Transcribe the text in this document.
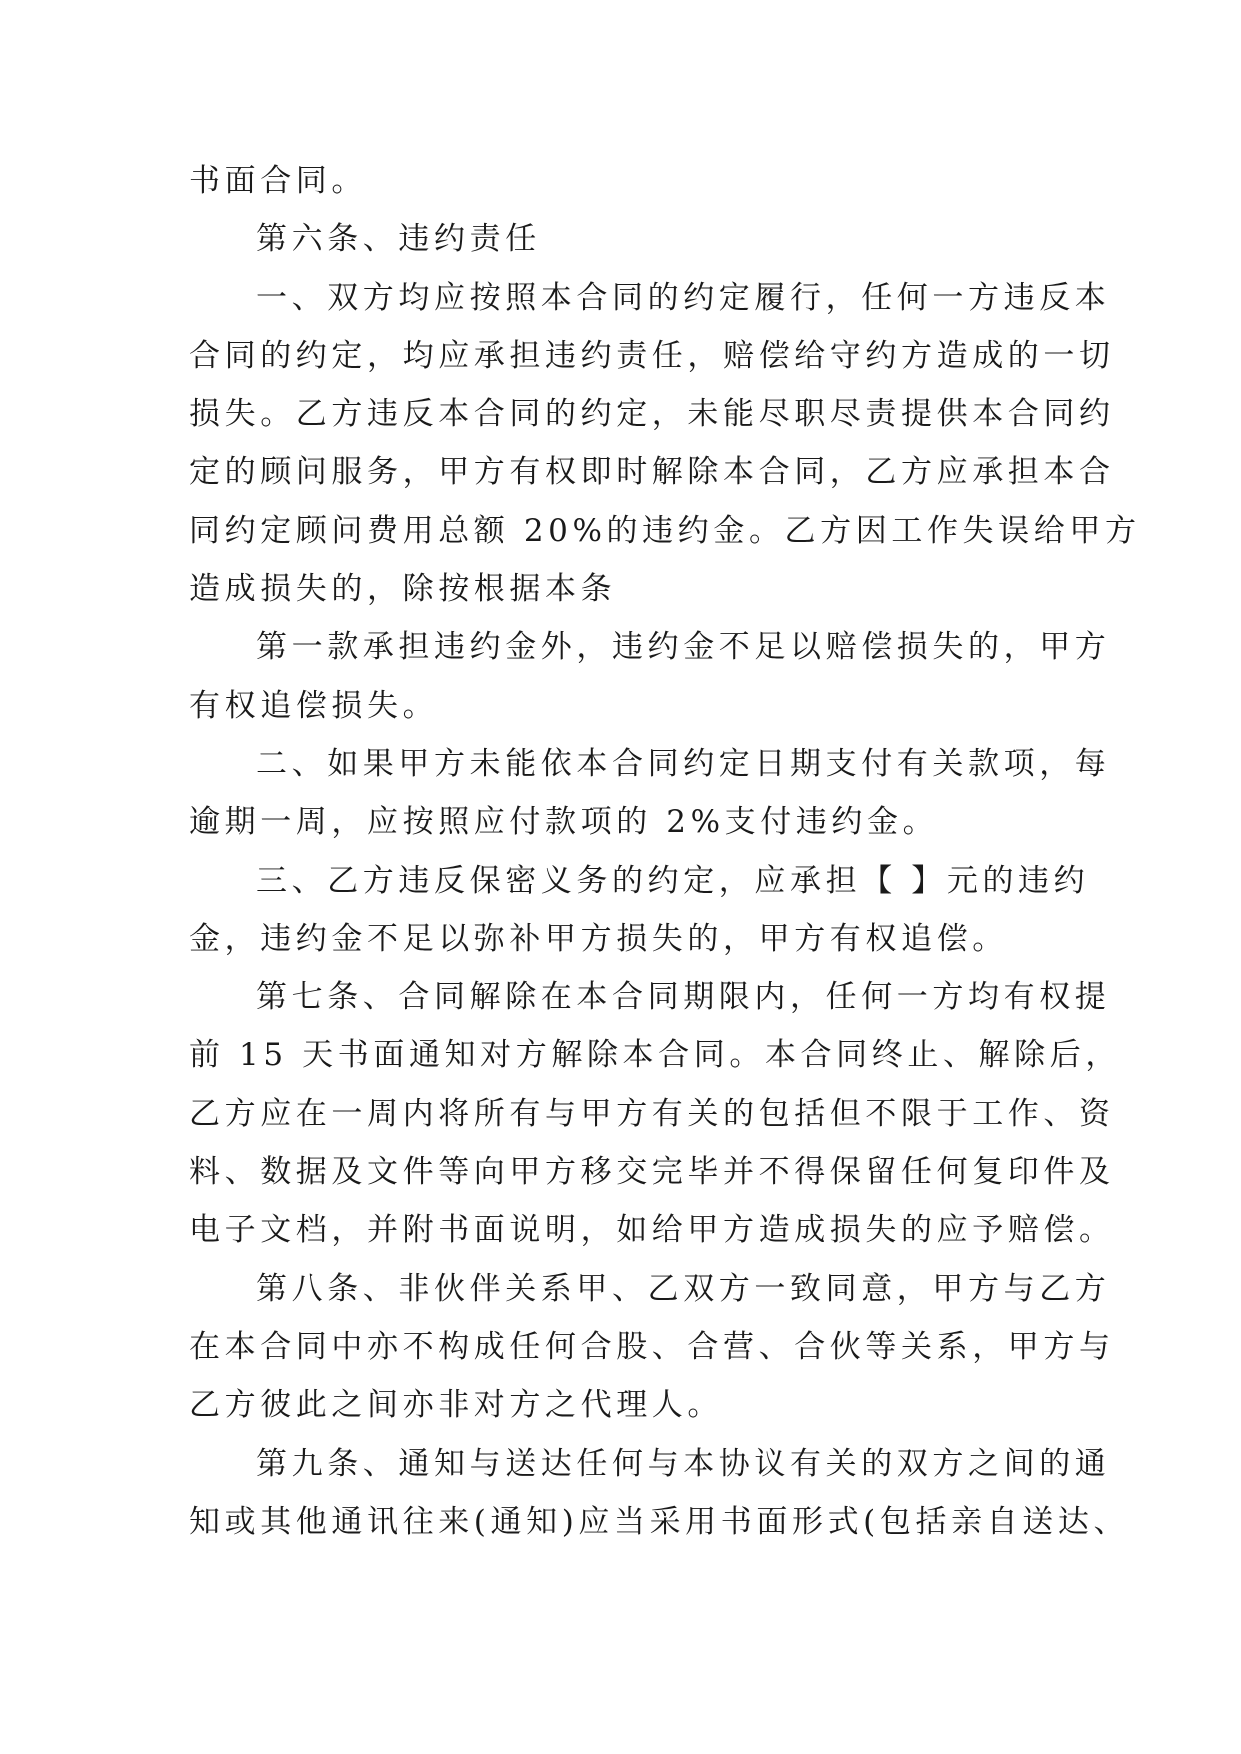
书面合同。
第六条、违约责任
一、双方均应按照本合同的约定履行，任何一方违反本
合同的约定，均应承担违约责任，赔偿给守约方造成的一切
损失。乙方违反本合同的约定，未能尽职尽责提供本合同约
定的顾问服务，甲方有权即时解除本合同，乙方应承担本合
同约定顾问费用总额 20%的违约金。乙方因工作失误给甲方
造成损失的，除按根据本条
第一款承担违约金外，违约金不足以赔偿损失的，甲方
有权追偿损失。
二、如果甲方未能依本合同约定日期支付有关款项，每
逾期一周，应按照应付款项的 2%支付违约金。
三、乙方违反保密义务的约定，应承担【 】元的违约
金，违约金不足以弥补甲方损失的，甲方有权追偿。
第七条、合同解除在本合同期限内，任何一方均有权提
前 15 天书面通知对方解除本合同。本合同终止、解除后，
乙方应在一周内将所有与甲方有关的包括但不限于工作、资
料、数据及文件等向甲方移交完毕并不得保留任何复印件及
电子文档，并附书面说明，如给甲方造成损失的应予赔偿。
第八条、非伙伴关系甲、乙双方一致同意，甲方与乙方
在本合同中亦不构成任何合股、合营、合伙等关系，甲方与
乙方彼此之间亦非对方之代理人。
第九条、通知与送达任何与本协议有关的双方之间的通
知或其他通讯往来(通知)应当采用书面形式(包括亲自送达、
